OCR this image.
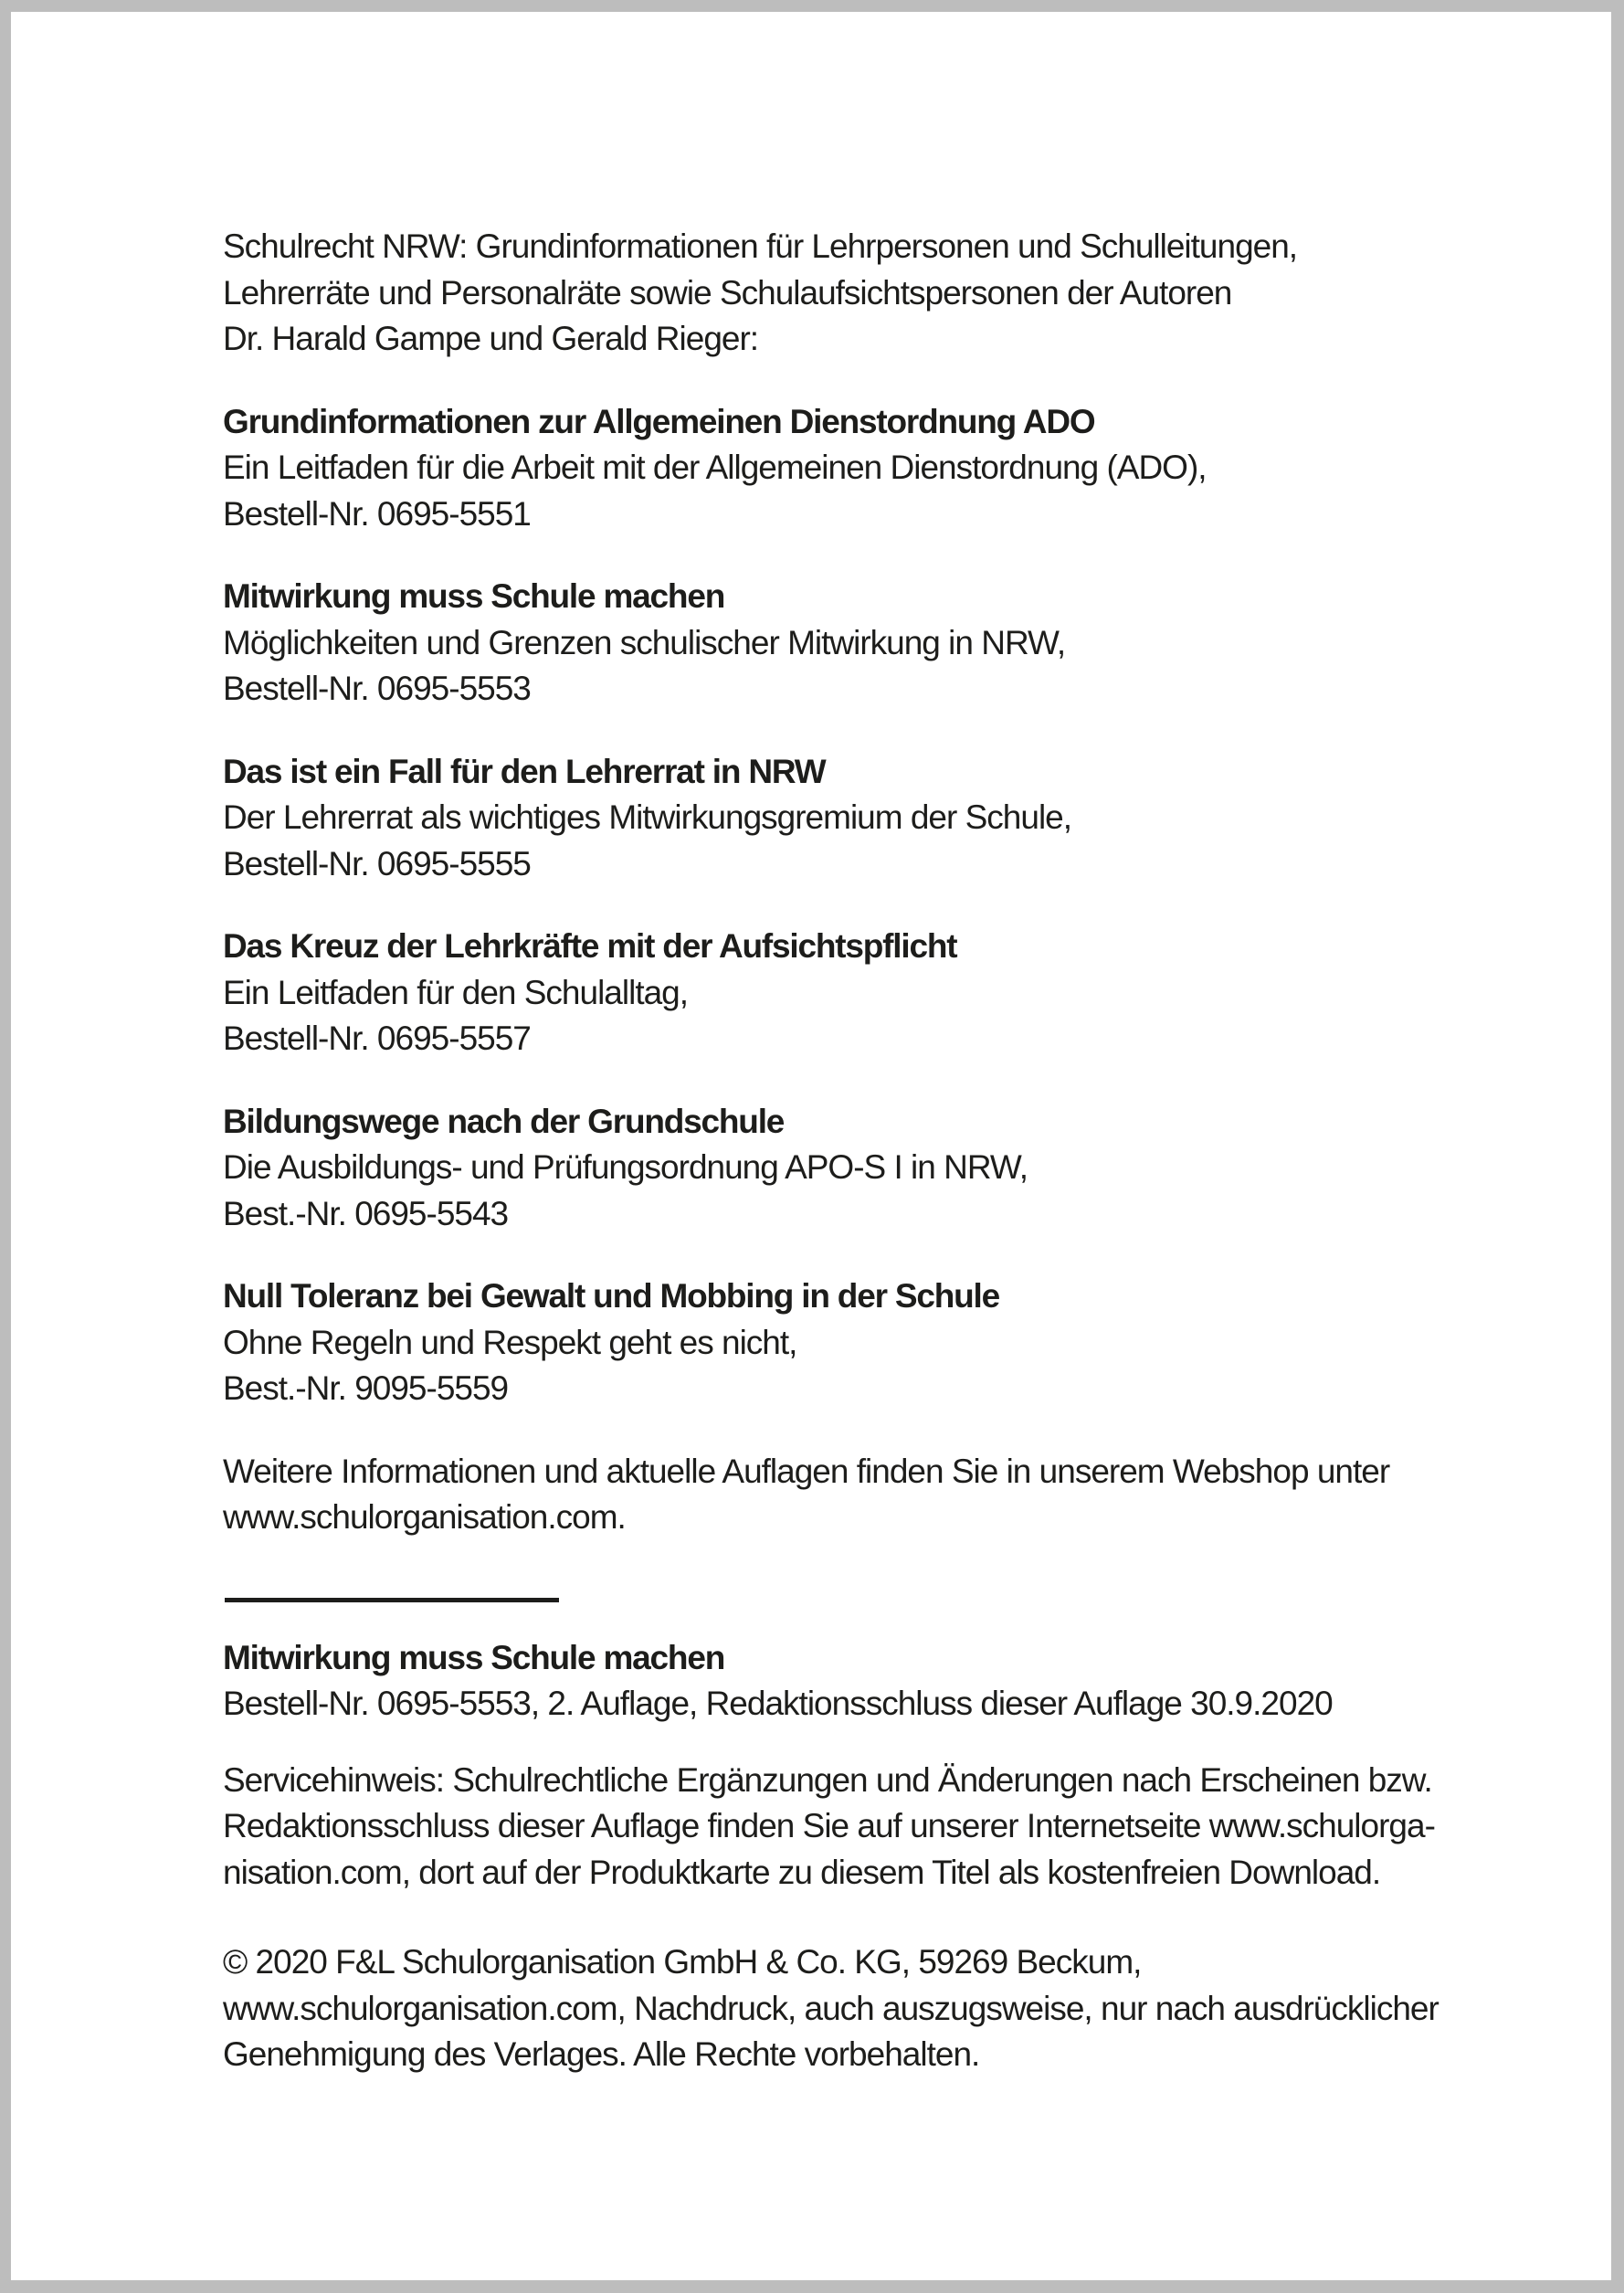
Schulrecht NRW: Grundinformationen für Lehrpersonen und Schulleitungen,
Lehrerräte und Personalräte sowie Schulaufsichtspersonen der Autoren
Dr. Harald Gampe und Gerald Rieger:
Grundinformationen zur Allgemeinen Dienstordnung ADO
Ein Leitfaden für die Arbeit mit der Allgemeinen Dienstordnung (ADO),
Bestell-Nr. 0695-5551
Mitwirkung muss Schule machen
Möglichkeiten und Grenzen schulischer Mitwirkung in NRW,
Bestell-Nr. 0695-5553
Das ist ein Fall für den Lehrerrat in NRW
Der Lehrerrat als wichtiges Mitwirkungsgremium der Schule,
Bestell-Nr. 0695-5555
Das Kreuz der Lehrkräfte mit der Aufsichtspflicht
Ein Leitfaden für den Schulalltag,
Bestell-Nr. 0695-5557
Bildungswege nach der Grundschule
Die Ausbildungs- und Prüfungsordnung APO-S I in NRW,
Best.-Nr. 0695-5543
Null Toleranz bei Gewalt und Mobbing in der Schule
Ohne Regeln und Respekt geht es nicht,
Best.-Nr. 9095-5559
Weitere Informationen und aktuelle Auflagen finden Sie in unserem Webshop unter
www.schulorganisation.com.
Mitwirkung muss Schule machen
Bestell-Nr. 0695-5553, 2. Auflage, Redaktionsschluss dieser Auflage 30.9.2020
Servicehinweis: Schulrechtliche Ergänzungen und Änderungen nach Erscheinen bzw.
Redaktionsschluss dieser Auflage finden Sie auf unserer Internetseite www.schulorga-
nisation.com, dort auf der Produktkarte zu diesem Titel als kostenfreien Download.
© 2020 F&L Schulorganisation GmbH & Co. KG, 59269 Beckum,
www.schulorganisation.com, Nachdruck, auch auszugsweise, nur nach ausdrücklicher
Genehmigung des Verlages. Alle Rechte vorbehalten.
